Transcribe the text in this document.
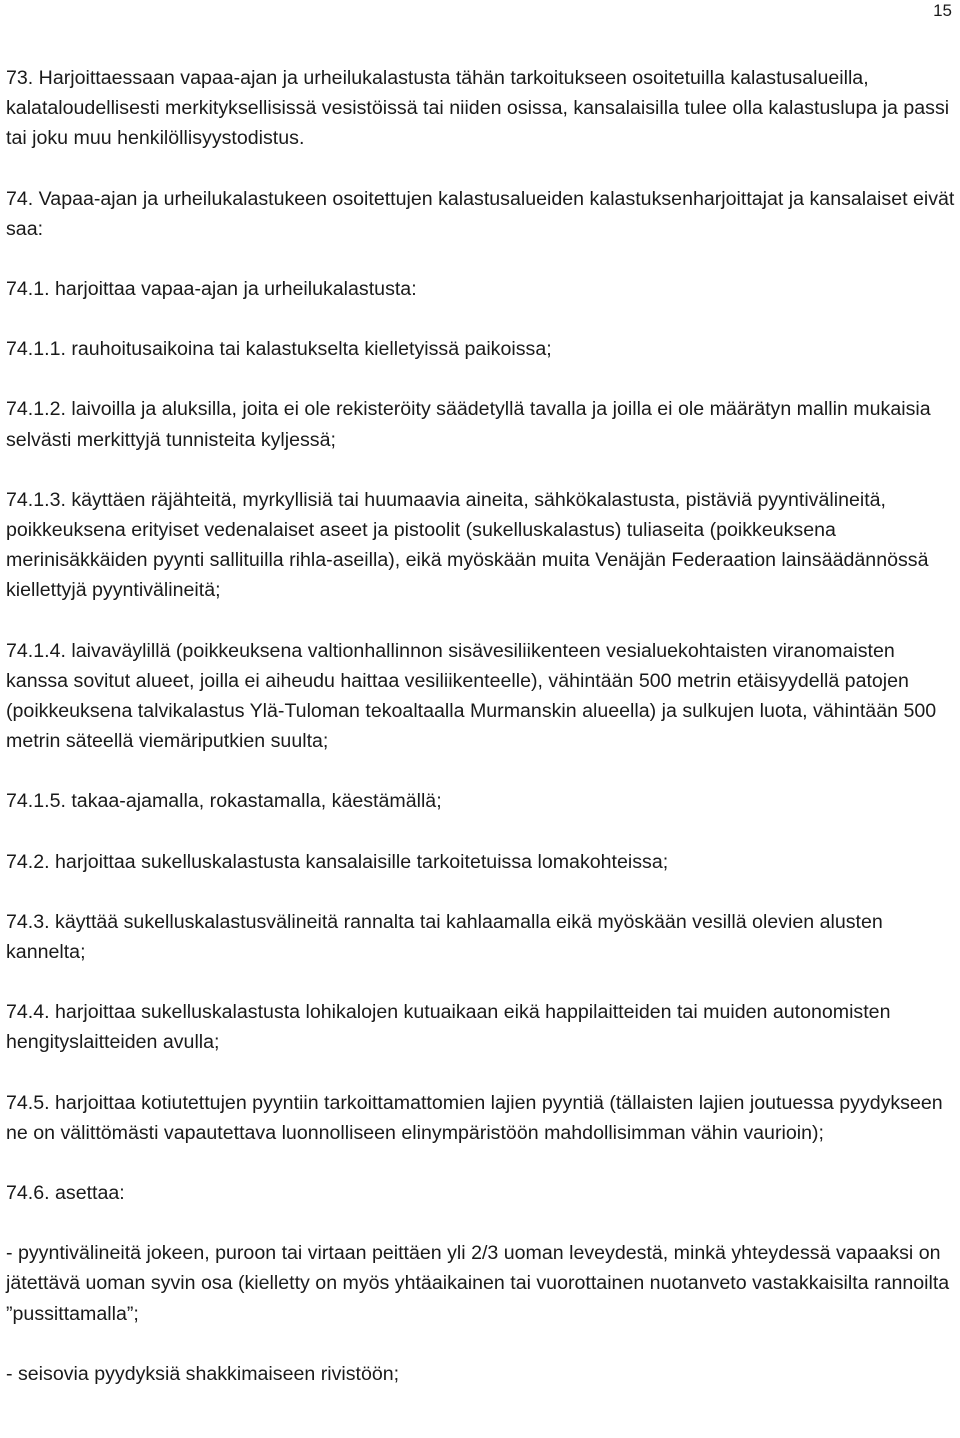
15

73. Harjoittaessaan vapaa-ajan ja urheilukalastusta tähän tarkoitukseen osoitetuilla kalastusalueilla, kalataloudellisesti merkityksellisissä vesistöissä tai niiden osissa, kansalaisilla tulee olla kalastuslupa ja passi tai joku muu henkilöllisyystodistus.

74. Vapaa-ajan ja urheilukalastukeen osoitettujen kalastusalueiden kalastuksenharjoittajat ja kansalaiset eivät saa:

74.1. harjoittaa vapaa-ajan ja urheilukalastusta:

74.1.1. rauhoitusaikoina tai kalastukselta kielletyissä paikoissa;

74.1.2. laivoilla ja aluksilla, joita ei ole rekisteröity säädetyllä tavalla ja joilla ei ole määrätyn mallin mukaisia selvästi merkittyjä tunnisteita kyljessä;

74.1.3. käyttäen räjähteitä, myrkyllisiä tai huumaavia aineita, sähkökalastusta, pistäviä pyyntivälineitä, poikkeuksena erityiset vedenalaiset aseet ja pistoolit (sukelluskalastus) tuliaseita (poikkeuksena merinisäkkäiden pyynti sallituilla rihla-aseilla), eikä myöskään muita Venäjän Federaation lainsäädännössä kiellettyjä pyyntivälineitä;

74.1.4. laivaväylillä (poikkeuksena valtionhallinnon sisävesiliikenteen vesialuekohtaisten viranomaisten kanssa sovitut alueet, joilla ei aiheudu haittaa vesiliikenteelle), vähintään 500 metrin etäisyydellä patojen (poikkeuksena talvikalastus Ylä-Tuloman tekoaltaalla Murmanskin alueella) ja sulkujen luota, vähintään 500 metrin säteellä viemäriputkien suulta;

74.1.5. takaa-ajamalla, rokastamalla, käestämällä;

74.2. harjoittaa sukelluskalastusta kansalaisille tarkoitetuissa lomakohteissa;

74.3. käyttää sukelluskalastusvälineitä rannalta tai kahlaamalla eikä myöskään vesillä olevien alusten kannelta;

74.4. harjoittaa sukelluskalastusta lohikalojen kutuaikaan eikä happilaitteiden tai muiden autonomisten hengityslaitteiden avulla;

74.5. harjoittaa kotiutettujen pyyntiin tarkoittamattomien lajien pyyntiä (tällaisten lajien joutuessa pyydykseen ne on välittömästi vapautettava luonnolliseen elinympäristöön mahdollisimman vähin vaurioin);

74.6. asettaa:

- pyyntivälineitä jokeen, puroon tai virtaan peittäen yli 2/3 uoman leveydestä, minkä yhteydessä vapaaksi on jätettävä uoman syvin osa (kielletty on myös yhtäaikainen tai vuorottainen nuotanveto vastakkaisilta rannoilta ”pussittamalla”;

- seisovia pyydyksiä shakkimaiseen rivistöön;
